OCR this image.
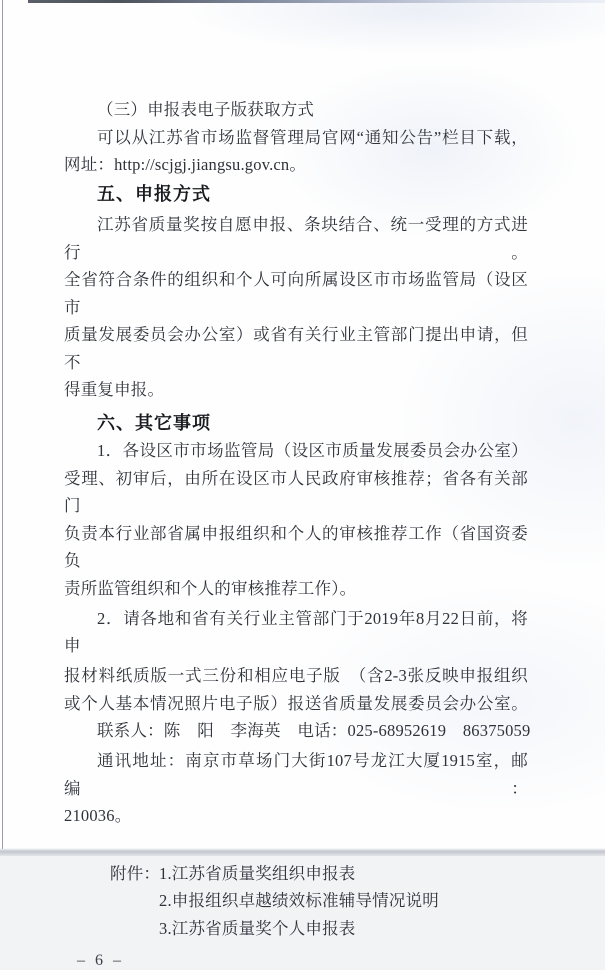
（三）申报表电子版获取方式
可以从江苏省市场监督管理局官网“通知公告”栏目下载，
网址：http://scjgj.jiangsu.gov.cn。
五、申报方式
江苏省质量奖按自愿申报、条块结合、统一受理的方式进行。
全省符合条件的组织和个人可向所属设区市市场监管局（设区市
质量发展委员会办公室）或省有关行业主管部门提出申请，但不
得重复申报。
六、其它事项
1．各设区市市场监管局（设区市质量发展委员会办公室）
受理、初审后，由所在设区市人民政府审核推荐；省各有关部门
负责本行业部省属申报组织和个人的审核推荐工作（省国资委负
责所监管组织和个人的审核推荐工作）。
2．请各地和省有关行业主管部门于2019年8月22日前，将申
报材料纸质版一式三份和相应电子版　（含2-3张反映申报组织
或个人基本情况照片电子版）报送省质量发展委员会办公室。
联系人：陈　阳　李海英　电话：025-68952619　86375059
通讯地址：南京市草场门大街107号龙江大厦1915室，邮编：
210036。
附件：
1.江苏省质量奖组织申报表
2.申报组织卓越绩效标准辅导情况说明
3.江苏省质量奖个人申报表
– 6 –
